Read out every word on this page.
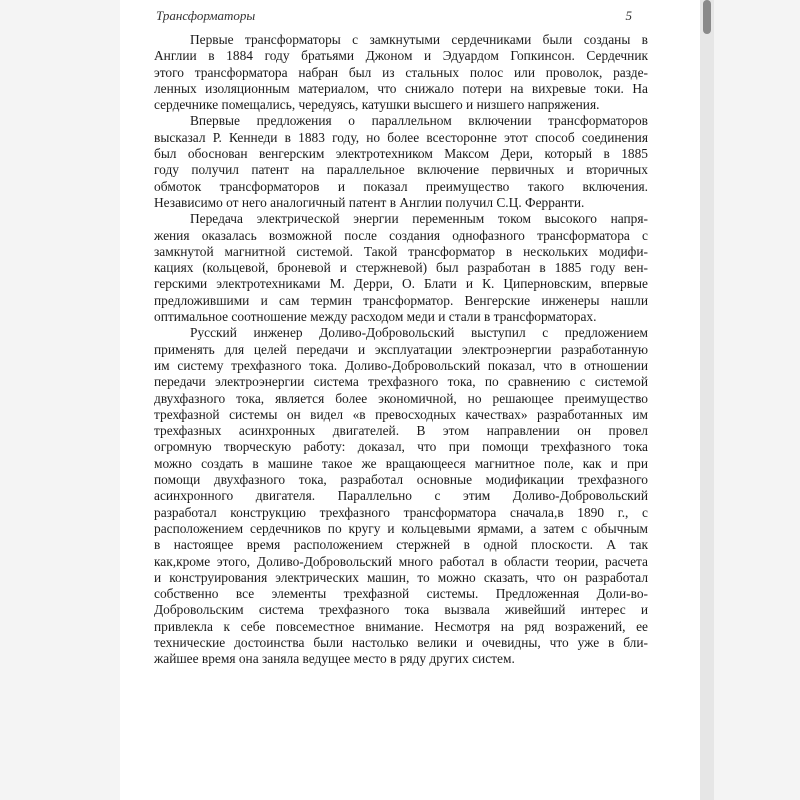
Трансформаторы	5

Первые трансформаторы с замкнутыми сердечниками были созданы в
Англии в 1884 году братьями Джоном и Эдуардом Гопкинсон. Сердечник
этого трансформатора набран был из стальных полос или проволок, разде-
ленных изоляционным материалом, что снижало потери на вихревые токи. На
сердечнике помещались, чередуясь, катушки высшего и низшего напряжения.

Впервые предложения о параллельном включении трансформаторов
высказал Р. Кеннеди в 1883 году, но более всесторонне этот способ соединения
был обоснован венгерским электротехником Максом Дери, который в 1885
году получил патент на параллельное включение первичных и вторичных
обмоток трансформаторов и показал преимущество такого включения.
Независимо от него аналогичный патент в Англии получил С.Ц. Ферранти.

Передача электрической энергии переменным током высокого напря-
жения оказалась возможной после создания однофазного трансформатора с
замкнутой магнитной системой. Такой трансформатор в нескольких модифи-
кациях (кольцевой, броневой и стержневой) был разработан в 1885 году вен-
герскими электротехниками М. Дерри, О. Блати и К. Циперновским, впервые
предложившими и сам термин трансформатор. Венгерские инженеры нашли
оптимальное соотношение между расходом меди и стали в трансформаторах.

Русский инженер Доливо-Добровольский выступил с предложением
применять для целей передачи и эксплуатации электроэнергии разработанную
им систему трехфазного тока. Доливо-Добровольский показал, что в отношении
передачи электроэнергии система трехфазного тока, по сравнению с системой
двухфазного тока, является более экономичной, но решающее преимущество
трехфазной системы он видел «в превосходных качествах» разработанных им
трехфазных асинхронных двигателей. В этом направлении он провел
огромную творческую работу: доказал, что при помощи трехфазного тока
можно создать в машине такое же вращающееся магнитное поле, как и при
помощи двухфазного тока, разработал основные модификации трехфазного
асинхронного двигателя. Параллельно с этим Доливо-Добровольский
разработал конструкцию трехфазного трансформатора сначала,в 1890 г., с
расположением сердечников по кругу и кольцевыми ярмами, а затем с обычным
в настоящее время расположением стержней в одной плоскости. А так
как,кроме этого, Доливо-Добровольский много работал в области теории, расчета
и конструирования электрических машин, то можно сказать, что он разработал
собственно все элементы трехфазной системы. Предложенная Доли-во-
Добровольским система трехфазного тока вызвала живейший интерес и
привлекла к себе повсеместное внимание. Несмотря на ряд возражений, ее
технические достоинства были настолько велики и очевидны, что уже в бли-
жайшее время она заняла ведущее место в ряду других систем.
